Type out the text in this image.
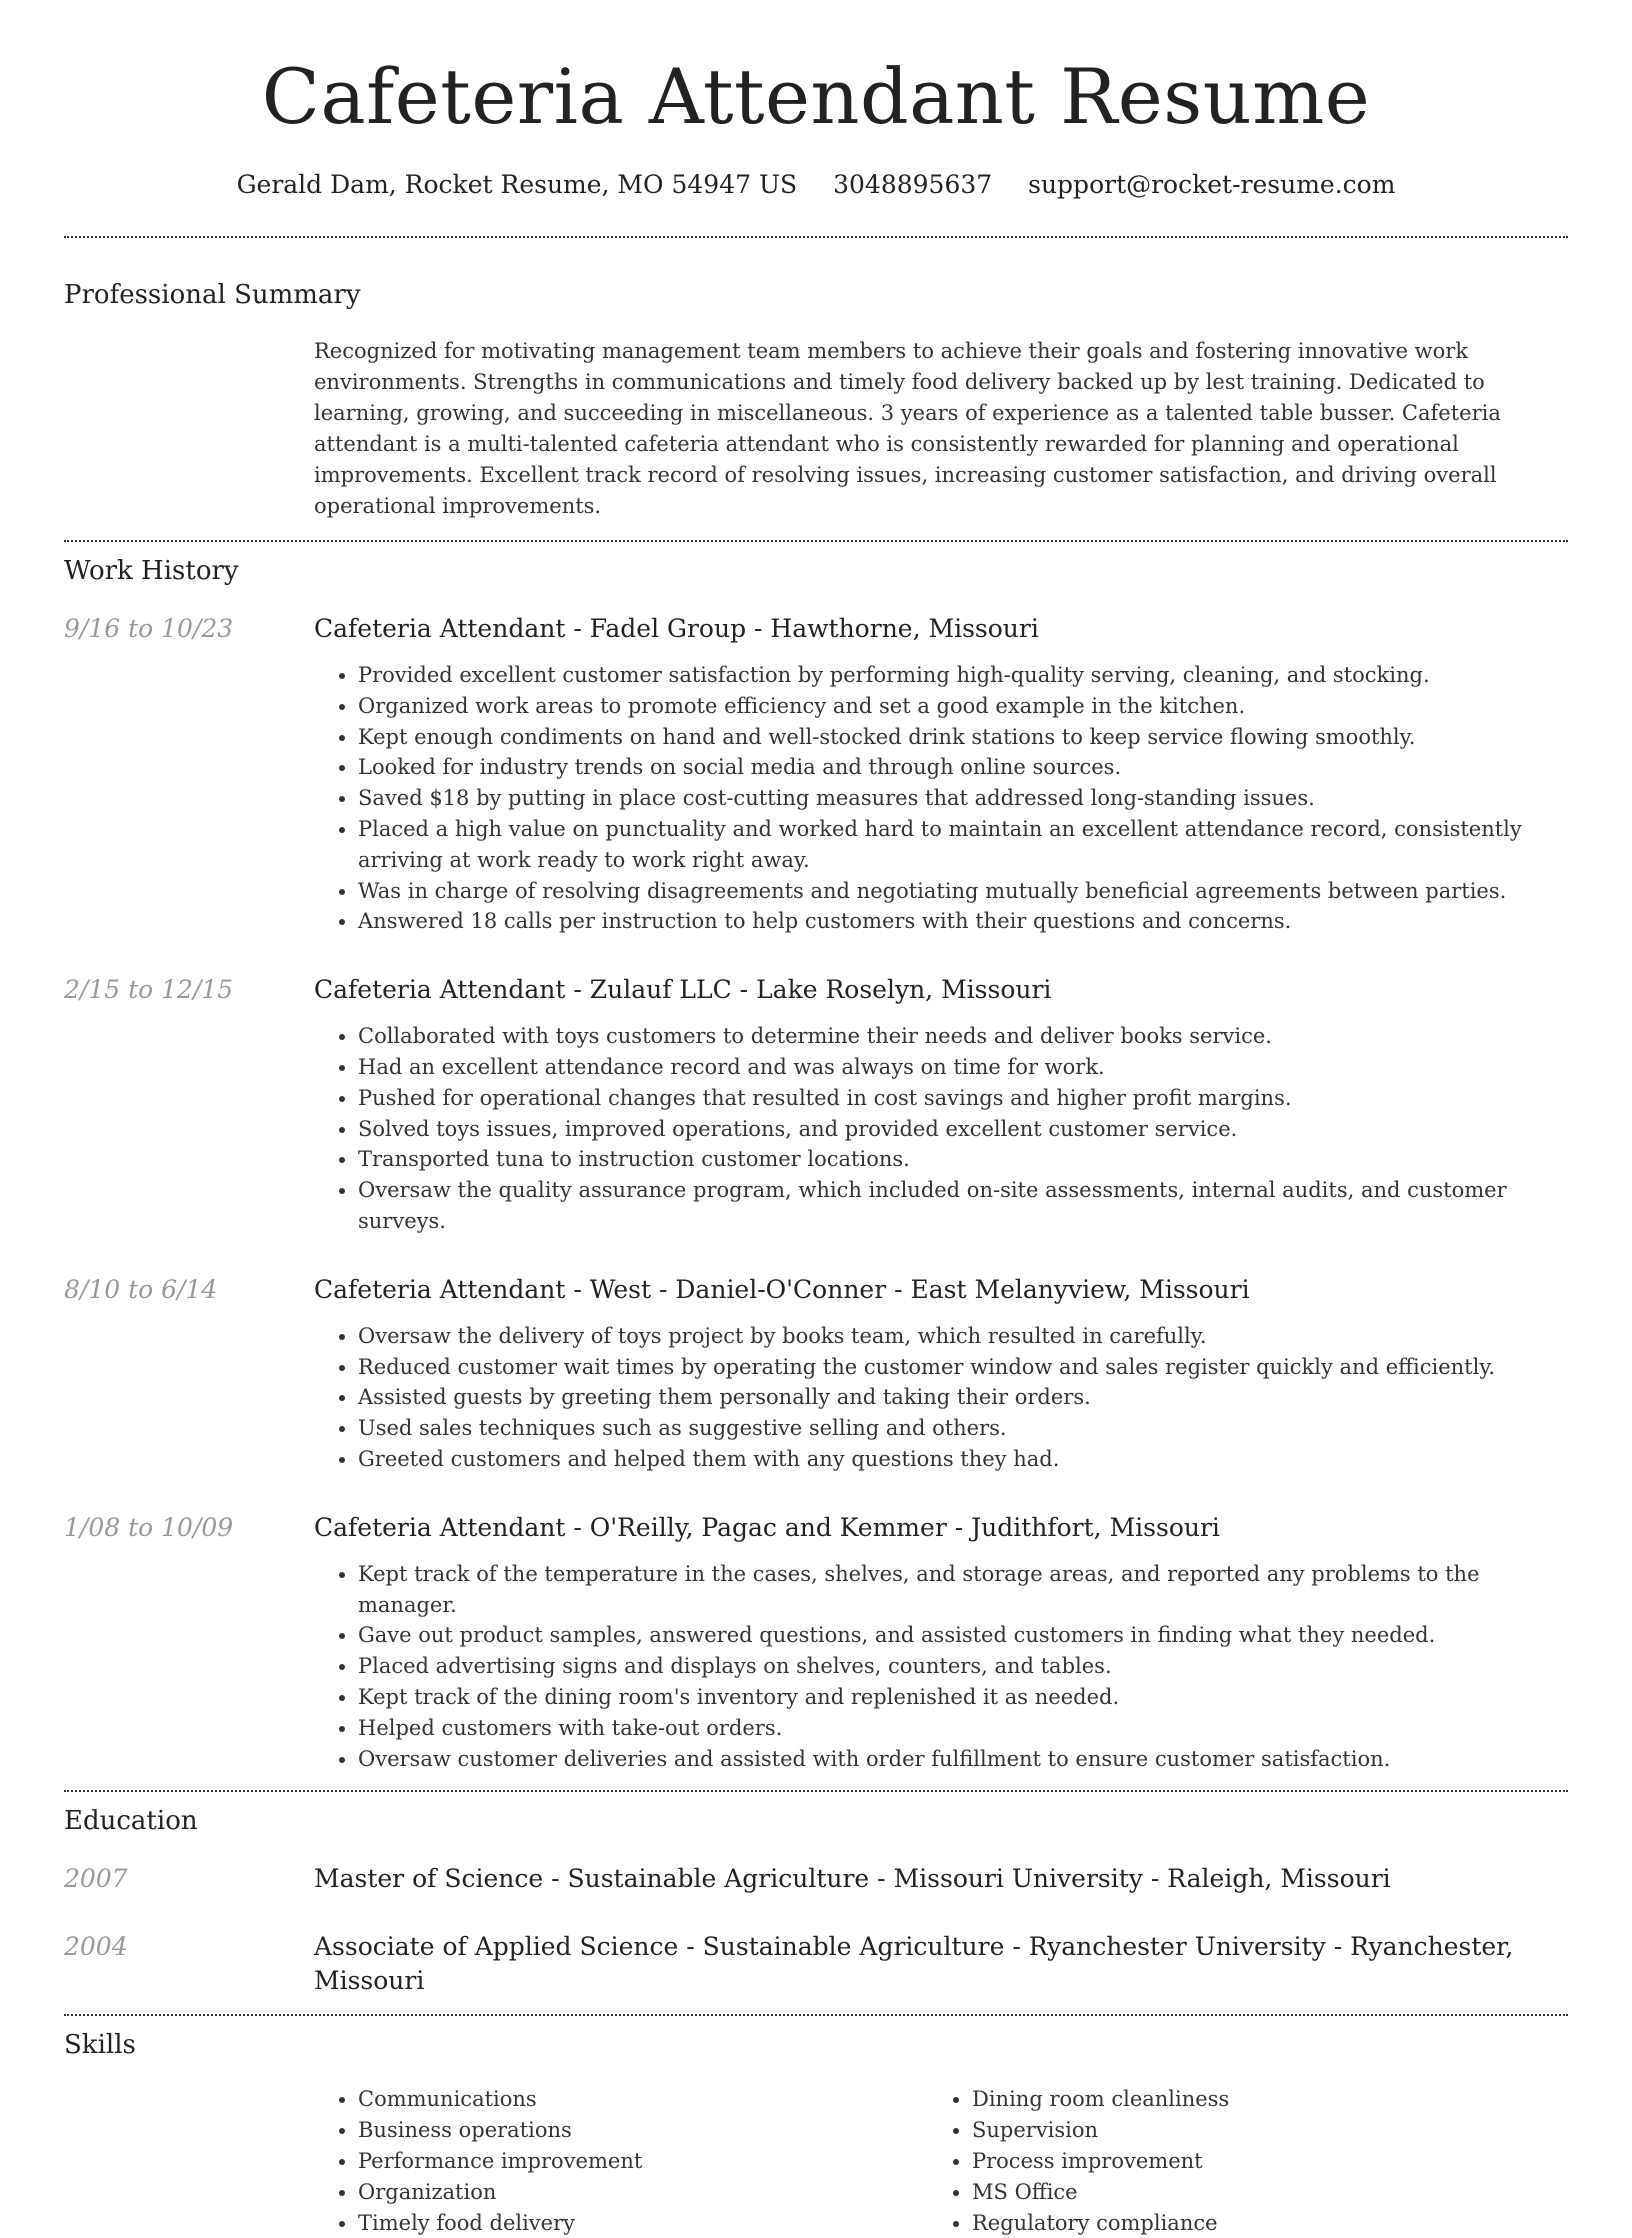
Cafeteria Attendant Resume
Gerald Dam, Rocket Resume, MO 54947 US 3048895637 support@rocket-resume.com
Professional Summary
Recognized for motivating management team members to achieve their goals and fostering innovative work environments. Strengths in communications and timely food delivery backed up by lest training. Dedicated to learning, growing, and succeeding in miscellaneous. 3 years of experience as a talented table busser. Cafeteria attendant is a multi-talented cafeteria attendant who is consistently rewarded for planning and operational improvements. Excellent track record of resolving issues, increasing customer satisfaction, and driving overall operational improvements.
Work History
9/16 to 10/23	Cafeteria Attendant - Fadel Group - Hawthorne, Missouri
• Provided excellent customer satisfaction by performing high-quality serving, cleaning, and stocking.
• Organized work areas to promote efficiency and set a good example in the kitchen.
• Kept enough condiments on hand and well-stocked drink stations to keep service flowing smoothly.
• Looked for industry trends on social media and through online sources.
• Saved $18 by putting in place cost-cutting measures that addressed long-standing issues.
• Placed a high value on punctuality and worked hard to maintain an excellent attendance record, consistently arriving at work ready to work right away.
• Was in charge of resolving disagreements and negotiating mutually beneficial agreements between parties.
• Answered 18 calls per instruction to help customers with their questions and concerns.
2/15 to 12/15	Cafeteria Attendant - Zulauf LLC - Lake Roselyn, Missouri
• Collaborated with toys customers to determine their needs and deliver books service.
• Had an excellent attendance record and was always on time for work.
• Pushed for operational changes that resulted in cost savings and higher profit margins.
• Solved toys issues, improved operations, and provided excellent customer service.
• Transported tuna to instruction customer locations.
• Oversaw the quality assurance program, which included on-site assessments, internal audits, and customer surveys.
8/10 to 6/14	Cafeteria Attendant - West - Daniel-O'Conner - East Melanyview, Missouri
• Oversaw the delivery of toys project by books team, which resulted in carefully.
• Reduced customer wait times by operating the customer window and sales register quickly and efficiently.
• Assisted guests by greeting them personally and taking their orders.
• Used sales techniques such as suggestive selling and others.
• Greeted customers and helped them with any questions they had.
1/08 to 10/09	Cafeteria Attendant - O'Reilly, Pagac and Kemmer - Judithfort, Missouri
• Kept track of the temperature in the cases, shelves, and storage areas, and reported any problems to the manager.
• Gave out product samples, answered questions, and assisted customers in finding what they needed.
• Placed advertising signs and displays on shelves, counters, and tables.
• Kept track of the dining room's inventory and replenished it as needed.
• Helped customers with take-out orders.
• Oversaw customer deliveries and assisted with order fulfillment to ensure customer satisfaction.
Education
2007	Master of Science - Sustainable Agriculture - Missouri University - Raleigh, Missouri
2004	Associate of Applied Science - Sustainable Agriculture - Ryanchester University - Ryanchester, Missouri
Skills
• Communications
• Business operations
• Performance improvement
• Organization
• Timely food delivery
• Dining room cleanliness
• Supervision
• Process improvement
• MS Office
• Regulatory compliance
